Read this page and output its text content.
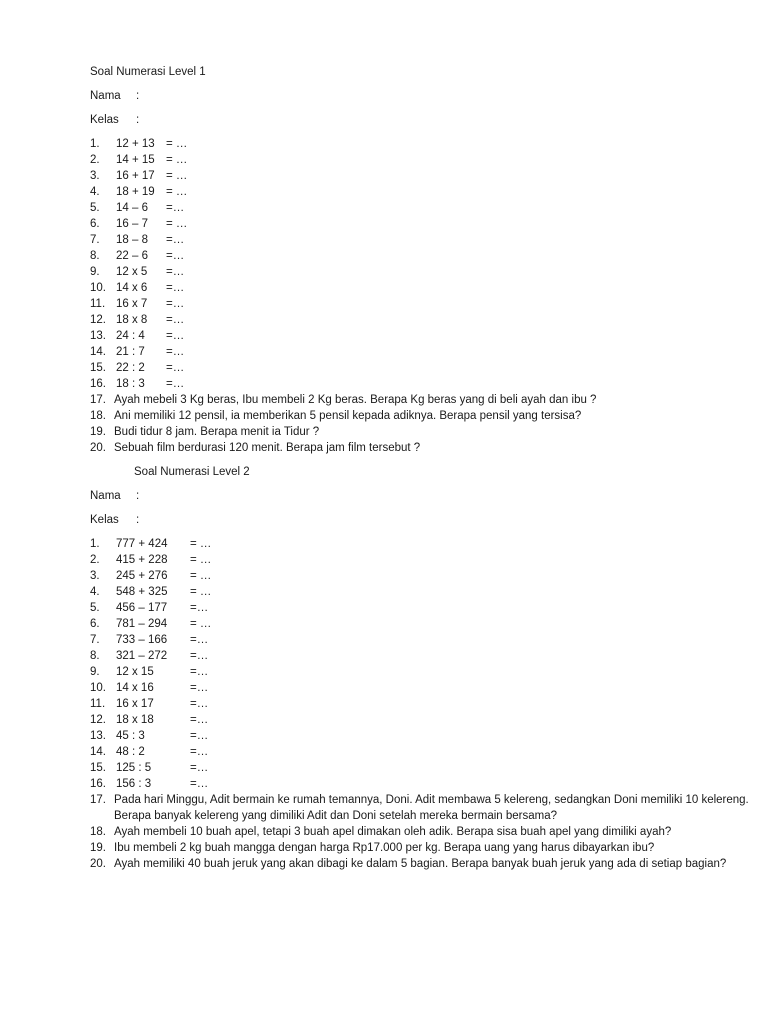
Soal Numerasi Level 1
Nama :
Kelas :
1. 12 + 13 = …
2. 14 + 15 = …
3. 16 + 17 = …
4. 18 + 19 = …
5. 14 – 6 =…
6. 16 – 7 = …
7. 18 – 8 =…
8. 22 – 6 =…
9. 12 x 5 =…
10. 14 x 6 =…
11. 16 x 7 =…
12. 18 x 8 =…
13. 24 : 4 =…
14. 21 : 7 =…
15. 22 : 2 =…
16. 18 : 3 =…
17. Ayah mebeli 3 Kg beras, Ibu membeli 2 Kg beras. Berapa Kg beras yang di beli ayah dan ibu ?
18. Ani memiliki 12 pensil, ia memberikan 5 pensil kepada adiknya. Berapa pensil yang tersisa?
19. Budi tidur 8 jam. Berapa menit ia Tidur ?
20. Sebuah film berdurasi 120 menit. Berapa jam film tersebut ?
Soal Numerasi Level 2
Nama :
Kelas :
1. 777 + 424 = …
2. 415 + 228 = …
3. 245 + 276 = …
4. 548 + 325 = …
5. 456 – 177 =…
6. 781 – 294 = …
7. 733 – 166 =…
8. 321 – 272 =…
9. 12 x 15	=…
10. 14 x 16	=…
11. 16 x 17	=…
12. 18 x 18	=…
13. 45 : 3	=…
14. 48 : 2	=…
15. 125 : 5	=…
16. 156 : 3	=…
17. Pada hari Minggu, Adit bermain ke rumah temannya, Doni. Adit membawa 5 kelereng, sedangkan Doni memiliki 10 kelereng. Berapa banyak kelereng yang dimiliki Adit dan Doni setelah mereka bermain bersama?
18. Ayah membeli 10 buah apel, tetapi 3 buah apel dimakan oleh adik. Berapa sisa buah apel yang dimiliki ayah?
19. Ibu membeli 2 kg buah mangga dengan harga Rp17.000 per kg. Berapa uang yang harus dibayarkan ibu?
20. Ayah memiliki 40 buah jeruk yang akan dibagi ke dalam 5 bagian. Berapa banyak buah jeruk yang ada di setiap bagian?
